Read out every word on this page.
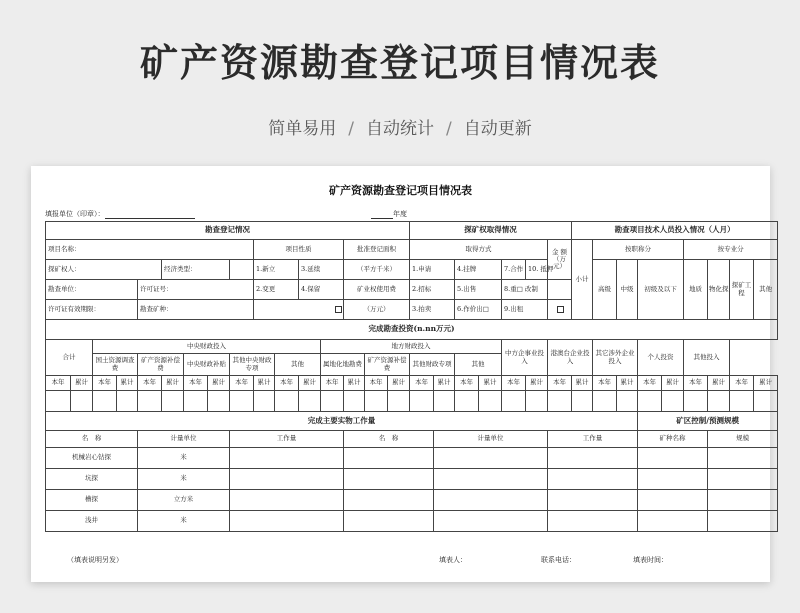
矿产资源勘查登记项目情况表
简单易用 / 自动统计 / 自动更新
矿产资源勘查登记项目情况表
填报单位（印章）：	年度
勘查登记情况																探矿权取得情况							勘查项目技术人员投入情况（人月）								
项目名称：									项目性质				批准登记面积			取得方式						金 额（万元）	小计	按职称分				按专业分			
探矿权人：					经济类型：				1.新立		3.延续		（平方千米）			1.申请		4.挂牌		7.合作	10. 抵押			高级	中级	初级及以下		地质	物化探	探矿工程	其他
勘查单位：				许可证号：					2.变更		4.保留		矿业权使用费			2.招标		5.出售		8.重□ 改制											
许可证有效期限：				勘查矿种：									（万元）			3.拍卖		6.作价出□		9.出租											
完成勘查投资(n.nn万元)																															
合计		中央财政投入										地方财政投入								中方企事业投入		港澳台企业投入		其它涉外企业投入		个人投资		其他投入			
		国土资源调查费		矿产资源补偿费		中央财政补贴		其他中央财政专项		其他		属地化地勘费		矿产资源补偿费		其他财政专项		其他													
本年	累计	本年	累计	本年	累计	本年	累计	本年	累计	本年	累计	本年	累计	本年	累计	本年	累计	本年	累计	本年	累计	本年	累计	本年	累计	本年	累计	本年	累计	本年	累计

完成主要实物工作量																										矿区控制/预测规模					
名　称				计量单位				工作量					名　称				计量单位					工作量				矿种名称			规模		
机械岩心钻探				米																											
坑探				米																											
槽探				立方米																											
浅井				米																											
（填表说明另发）	填表人：	联系电话：	填表时间：
